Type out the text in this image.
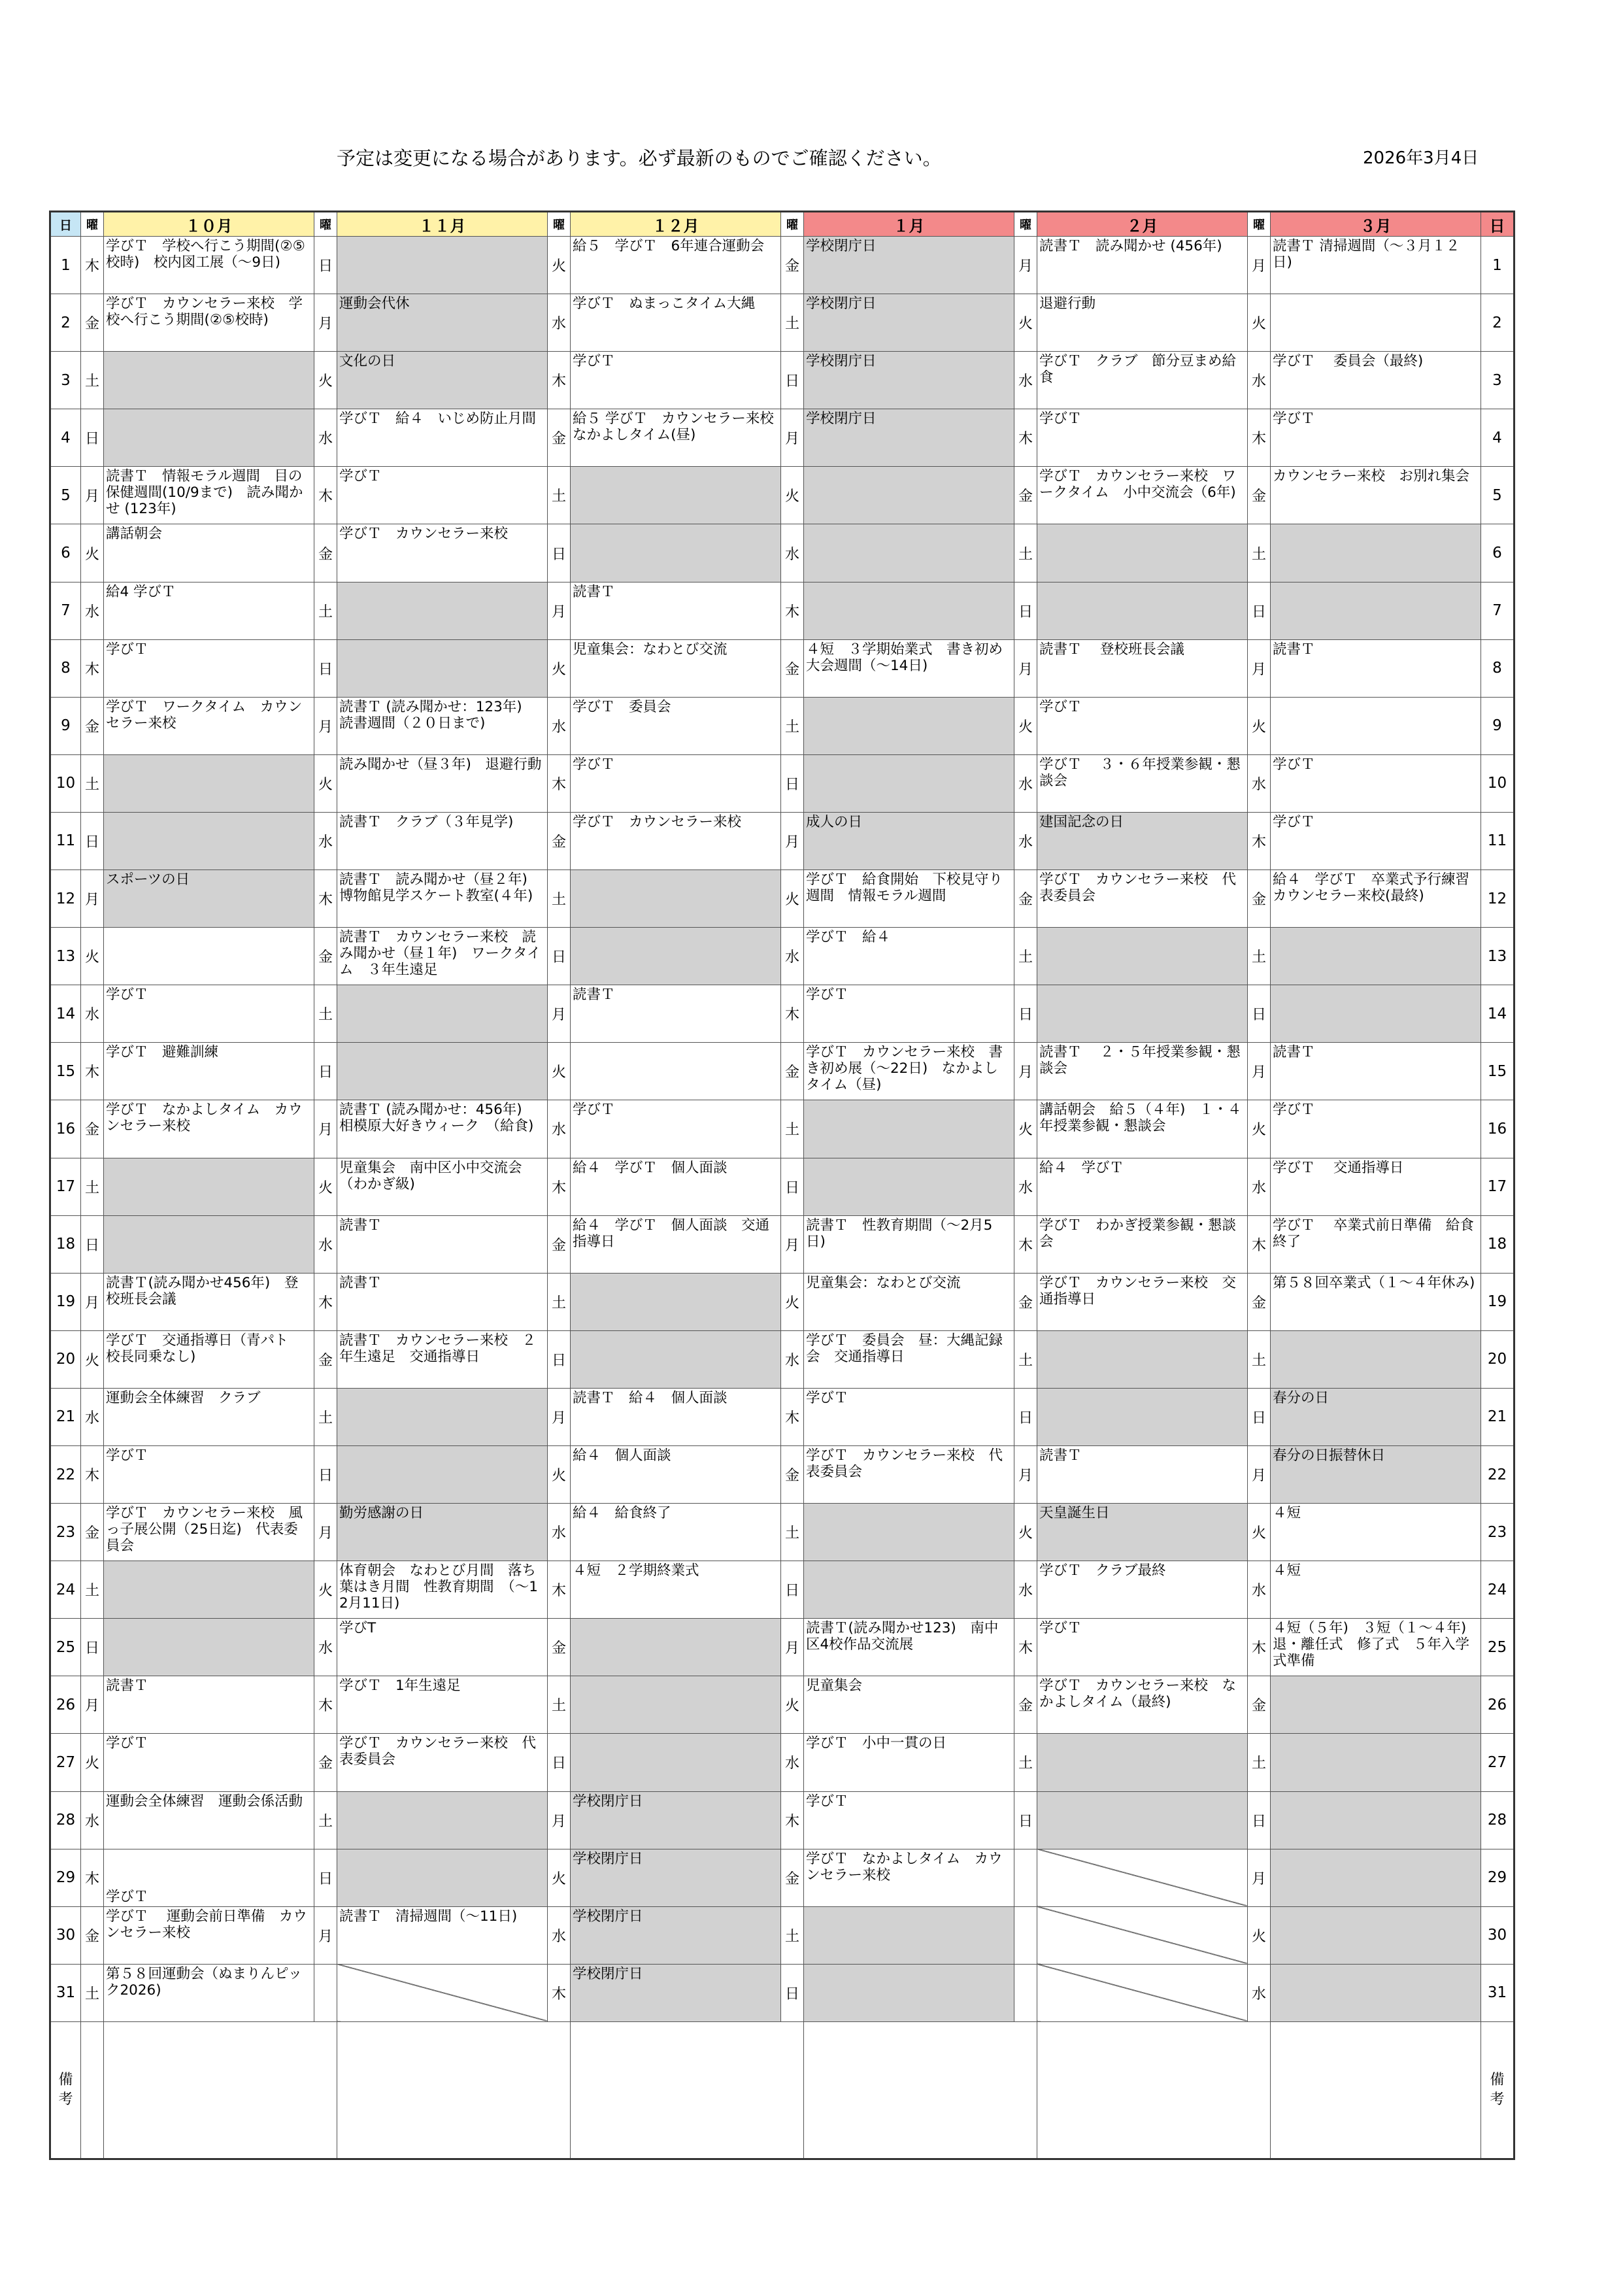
予定は変更になる場合があります。必ず最新のものでご確認ください。	2026年3月4日
日	曜	１０月	曜	１１月	曜	１２月	曜	１月	曜	２月	曜	３月	日
1	木	学びＴ　学校へ行こう期間(②⑤校時)　校内図工展（〜9日)	日		火	給５　学びＴ　6年連合運動会	金	学校閉庁日	月	読書Ｔ　読み聞かせ (456年)	月	読書Ｔ 清掃週間（〜３月１２日)	1
2	金	学びＴ　カウンセラー来校　学校へ行こう期間(②⑤校時)	月	運動会代休	水	学びＴ　ぬまっこタイム大縄	土	学校閉庁日	火	退避行動	火		2
3	土		火	文化の日	木	学びＴ	日	学校閉庁日	水	学びＴ　クラブ　節分豆まめ給食	水	学びＴ　 委員会（最終)	3
4	日		水	学びＴ　給４　いじめ防止月間	金	給５ 学びＴ　カウンセラー来校　なかよしタイム(昼)	月	学校閉庁日	木	学びＴ	木	学びＴ	4
5	月	読書Ｔ　情報モラル週間　目の保健週間(10/9まで)　読み聞かせ (123年)	木	学びＴ	土		火		金	学びＴ　カウンセラー来校　ワークタイム　小中交流会（6年)	金	カウンセラー来校　お別れ集会	5
6	火	講話朝会	金	学びＴ　カウンセラー来校	日		水		土		土		6
7	水	給4 学びＴ	土		月	読書Ｔ	木		日		日		7
8	木	学びＴ	日		火	児童集会：なわとび交流	金	４短　３学期始業式　書き初め大会週間（〜14日)	月	読書Ｔ　 登校班長会議	月	読書Ｔ	8
9	金	学びＴ　ワークタイム　カウンセラー来校	月	読書Ｔ (読み聞かせ：123年)　読書週間（２０日まで)	水	学びＴ　委員会	土		火	学びＴ	火		9
10	土		火	読み聞かせ（昼３年)　退避行動	木	学びＴ	日		水	学びＴ　 ３・６年授業参観・懇談会	水	学びＴ	10
11	日		水	読書Ｔ　クラブ（３年見学)	金	学びＴ　カウンセラー来校	月	成人の日	水	建国記念の日	木	学びＴ	11
12	月	スポーツの日	木	読書Ｔ　読み聞かせ（昼２年)　博物館見学スケート教室(４年)	土		火	学びＴ　給食開始　下校見守り週間　情報モラル週間	金	学びＴ　カウンセラー来校　代表委員会	金	給４　学びＴ　卒業式予行練習　カウンセラー来校(最終)	12
13	火		金	読書Ｔ　カウンセラー来校　読み聞かせ（昼１年)　ワークタイム　３年生遠足	日		水	学びＴ　給４	土		土		13
14	水	学びＴ	土		月	読書Ｔ	木	学びＴ	日		日		14
15	木	学びＴ　避難訓練	日		火		金	学びＴ　カウンセラー来校　書き初め展（〜22日)　なかよしタイム（昼)	月	読書Ｔ　 ２・５年授業参観・懇談会	月	読書Ｔ	15
16	金	学びＴ　なかよしタイム　カウンセラー来校	月	読書Ｔ (読み聞かせ：456年)　相模原大好きウィーク　（給食)	水	学びＴ	土		火	講話朝会　給５（４年)　１・４年授業参観・懇談会	火	学びＴ	16
17	土		火	児童集会　南中区小中交流会　（わかぎ級)	木	給４　学びＴ　個人面談	日		水	給４　学びＴ	水	学びＴ　 交通指導日	17
18	日		水	読書Ｔ	金	給４　学びＴ　個人面談　交通指導日	月	読書Ｔ　性教育期間（〜2月5日)	木	学びＴ　わかぎ授業参観・懇談会	木	学びＴ　 卒業式前日準備　給食終了	18
19	月	読書Ｔ(読み聞かせ456年)　登校班長会議	木	読書Ｔ	土		火	児童集会：なわとび交流	金	学びＴ　カウンセラー来校　交通指導日	金	第５８回卒業式（１〜４年休み)	19
20	火	学びＴ　交通指導日（青パト　校長同乗なし)	金	読書Ｔ　カウンセラー来校　２年生遠足　交通指導日	日		水	学びＴ　委員会　昼：大縄記録会　交通指導日	土		土		20
21	水	運動会全体練習　クラブ	土		月	読書Ｔ　給４　個人面談	木	学びＴ	日		日	春分の日	21
22	木	学びＴ	日		火	給４　個人面談	金	学びＴ　カウンセラー来校　代表委員会	月	読書Ｔ	月	春分の日振替休日	22
23	金	学びＴ　カウンセラー来校　風っ子展公開（25日迄)　代表委員会	月	勤労感謝の日	水	給４　給食終了	土		火	天皇誕生日	火	４短	23
24	土		火	体育朝会　なわとび月間　落ち葉はき月間　性教育期間　（〜12月11日)	木	４短　２学期終業式	日		水	学びＴ　クラブ最終	水	４短	24
25	日		水	学びT	金		月	読書Ｔ(読み聞かせ123)　南中区4校作品交流展	木	学びＴ	木	４短（５年)　３短（１〜４年)　 退・離任式　修了式　５年入学式準備	25
26	月	読書Ｔ	木	学びＴ　1年生遠足	土		火	児童集会	金	学びＴ　カウンセラー来校　なかよしタイム（最終)	金		26
27	火	学びＴ	金	学びＴ　カウンセラー来校　代表委員会	日		水	学びＴ　小中一貫の日	土		土		27
28	水	運動会全体練習　運動会係活動	土		月	学校閉庁日	木	学びＴ	日		日		28
29	木	学びＴ	日		火	学校閉庁日	金	学びＴ　なかよしタイム　カウンセラー来校			月		29
30	金	学びＴ　 運動会前日準備　カウンセラー来校	月	読書Ｔ　清掃週間（〜11日)	水	学校閉庁日	土				火		30
31	土	第５８回運動会（ぬまりんピック2026)			木	学校閉庁日	日				水		31
備考													備考
